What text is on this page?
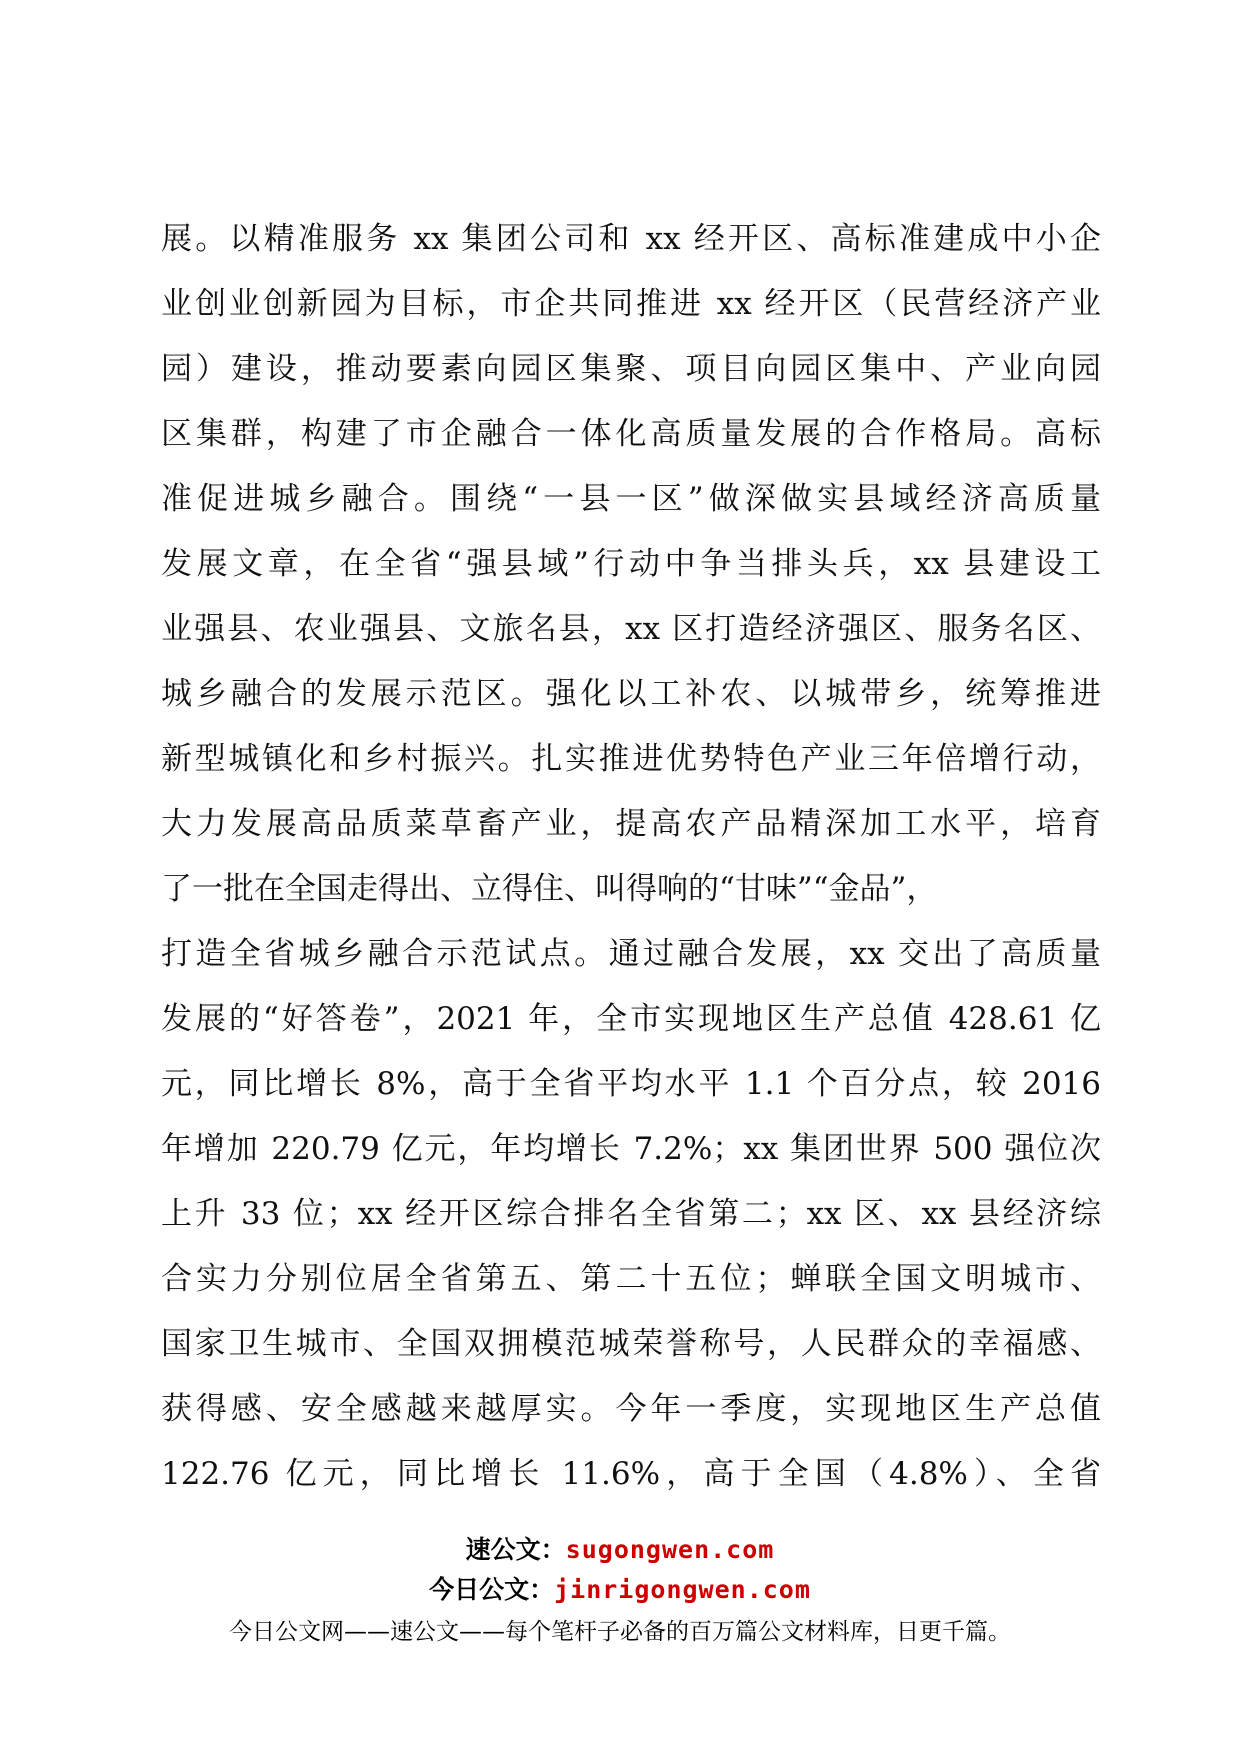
展。以精准服务 xx 集团公司和 xx 经开区、高标准建成中小企
业创业创新园为目标，市企共同推进 xx 经开区（民营经济产业
园）建设，推动要素向园区集聚、项目向园区集中、产业向园
区集群，构建了市企融合一体化高质量发展的合作格局。高标
准促进城乡融合。围绕“一县一区”做深做实县域经济高质量
发展文章，在全省“强县域”行动中争当排头兵，xx 县建设工
业强县、农业强县、文旅名县，xx 区打造经济强区、服务名区、
城乡融合的发展示范区。强化以工补农、以城带乡，统筹推进
新型城镇化和乡村振兴。扎实推进优势特色产业三年倍增行动，
大力发展高品质菜草畜产业，提高农产品精深加工水平，培育
了一批在全国走得出、立得住、叫得响的“甘味”“金品”，
打造全省城乡融合示范试点。通过融合发展，xx 交出了高质量
发展的“好答卷”，2021 年，全市实现地区生产总值 428.61 亿
元，同比增长 8%，高于全省平均水平 1.1 个百分点，较 2016
年增加 220.79 亿元，年均增长 7.2%；xx 集团世界 500 强位次
上升 33 位；xx 经开区综合排名全省第二；xx 区、xx 县经济综
合实力分别位居全省第五、第二十五位；蝉联全国文明城市、
国家卫生城市、全国双拥模范城荣誉称号，人民群众的幸福感、
获得感、安全感越来越厚实。今年一季度，实现地区生产总值
122.76 亿元，同比增长 11.6%，高于全国（4.8%）、全省
速公文：sugongwen.com
今日公文：jinrigongwen.com
今日公文网——速公文——每个笔杆子必备的百万篇公文材料库，日更千篇。
